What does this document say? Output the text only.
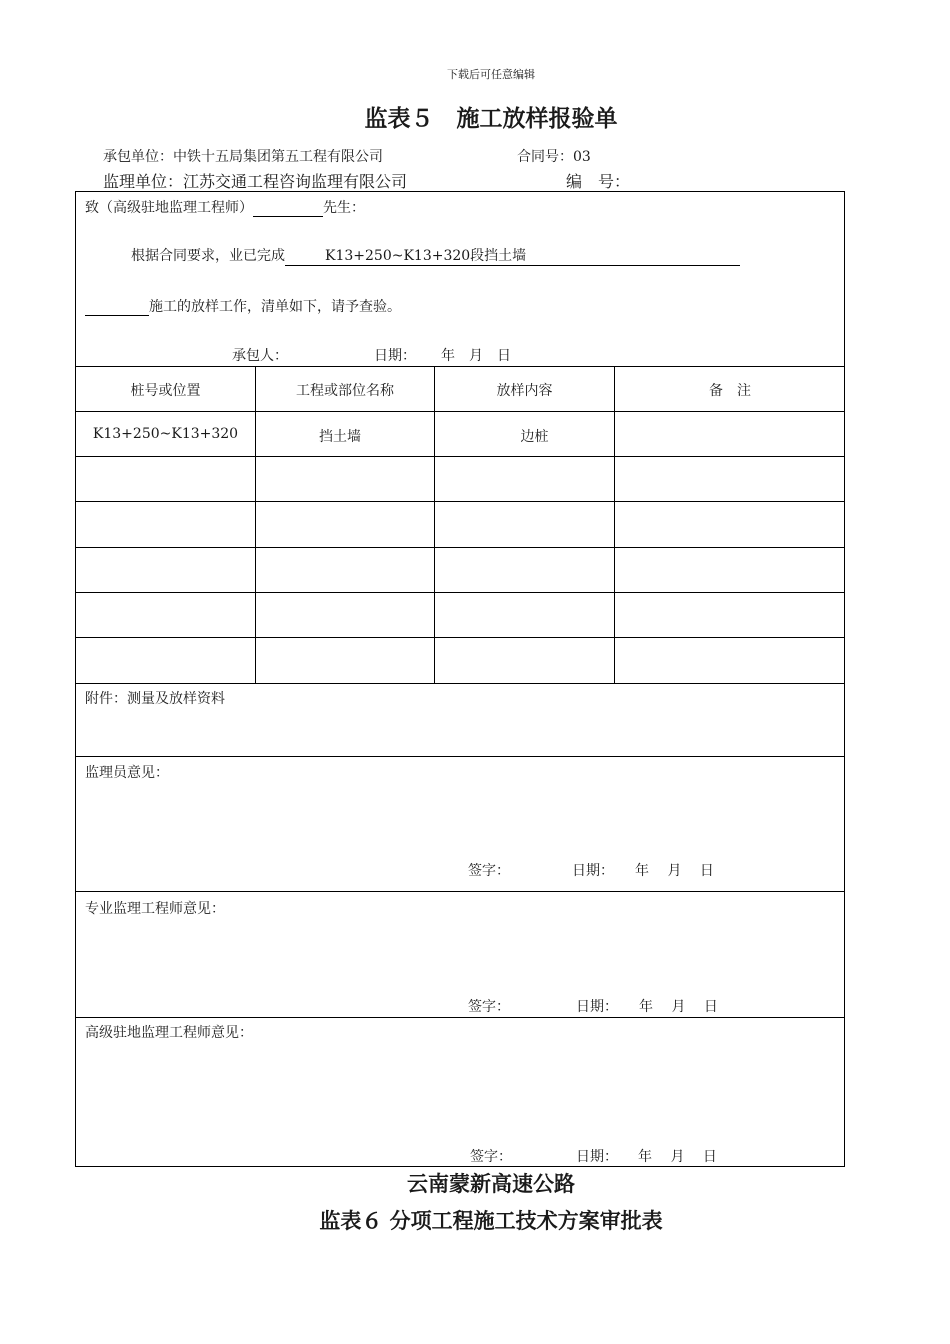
下载后可任意编辑
监表５　施工放样报验单
承包单位：中铁十五局集团第五工程有限公司	合同号：03
监理单位：江苏交通工程咨询监理有限公司	编　号：
致（高级驻地监理工程师）	先生：
根据合同要求，业已完成	K13+250~K13+320段挡土墙
施工的放样工作，清单如下，请予查验。
承包人：	日期： 年　月　日
桩号或位置	工程或部位名称	放样内容	备　注
K13+250~K13+320	挡土墙	边桩
附件：测量及放样资料
监理员意见：
签字：	日期： 年　 月　 日
专业监理工程师意见：
签字：	日期： 年　 月　 日
高级驻地监理工程师意见：
签字：	日期： 年　 月　 日
云南蒙新高速公路
监表６ 分项工程施工技术方案审批表
